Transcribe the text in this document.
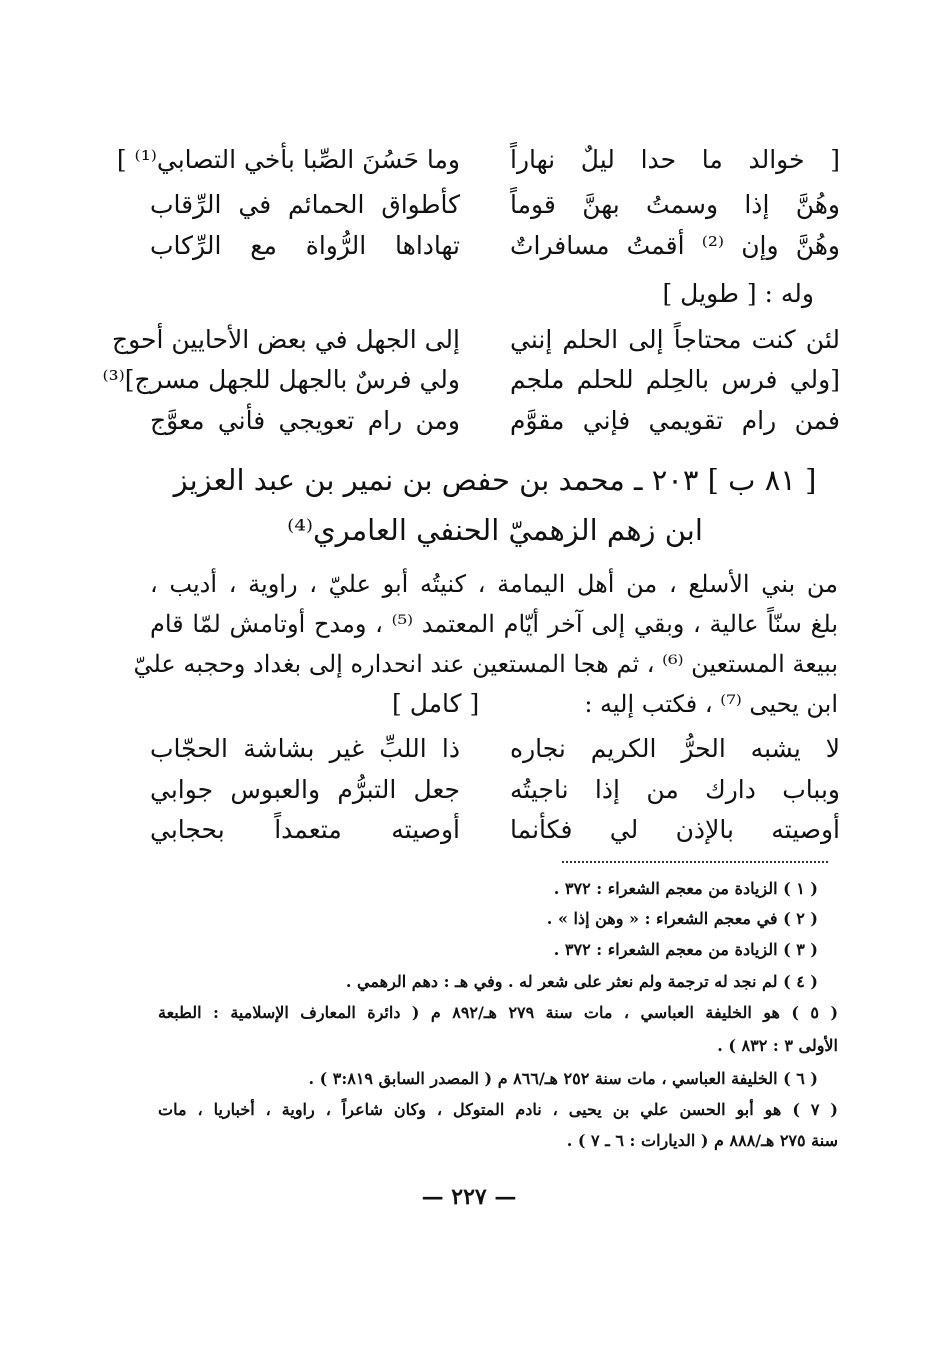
[ خوالد ما حدا ليلٌ نهاراً
وما حَسُنَ الصِّبا بأخي التصابي⁽¹⁾ ]
وهُنَّ إذا وسمتُ بهنَّ قوماً
كأطواق الحمائم في الرِّقاب
وهُنَّ وإن ⁽²⁾ أقمتُ مسافراتٌ
تهاداها الرُّواة مع الرِّكاب
وله : [ طويل ]
لئن كنت محتاجاً إلى الحلم إنني
إلى الجهل في بعض الأحايين أحوج
[ولي فرس بالحِلم للحلم ملجم
ولي فرسٌ بالجهل للجهل مسرج]⁽³⁾
فمن رام تقويمي فإني مقوَّم
ومن رام تعويجي فأني معوَّج
[ ٨١ ب ] ٢٠٣ ـ محمد بن حفص بن نمير بن عبد العزيز
ابن زهم الزهميّ الحنفي العامري⁽⁴⁾
من بني الأسلع ، من أهل اليمامة ، كنيتُه أبو عليّ ، راوية ، أديب ،
بلغ سنّاً عالية ، وبقي إلى آخر أيّام المعتمد ⁽⁵⁾ ، ومدح أوتامش لمّا قام
ببيعة المستعين ⁽⁶⁾ ، ثم هجا المستعين عند انحداره إلى بغداد وحجبه عليّ
ابن يحيى ⁽⁷⁾ ، فكتب إليه :
[ كامل ]
لا يشبه الحرُّ الكريم نجاره
ذا اللبِّ غير بشاشة الحجّاب
وبباب دارك من إذا ناجيتُه
جعل التبرُّم والعبوس جوابي
أوصيته بالإذن لي فكأنما
أوصيته متعمداً بحجابي
( ١ ) الزيادة من معجم الشعراء : ٣٧٢ .
( ٢ ) في معجم الشعراء : « وهن إذا » .
( ٣ ) الزيادة من معجم الشعراء : ٣٧٢ .
( ٤ ) لم نجد له ترجمة ولم نعثر على شعر له . وفي هـ : دهم الرهمي .
( ٥ ) هو الخليفة العباسي ، مات سنة ٢٧٩ هـ/٨٩٢ م ( دائرة المعارف الإسلامية : الطبعة
الأولى ٣ : ٨٣٢ ) .
( ٦ ) الخليفة العباسي ، مات سنة ٢٥٢ هـ/٨٦٦ م ( المصدر السابق ٣:٨١٩ ) .
( ٧ ) هو أبو الحسن علي بن يحيى ، نادم المتوكل ، وكان شاعراً ، راوية ، أخباريا ، مات
سنة ٢٧٥ هـ/٨٨٨ م ( الديارات : ٦ ـ ٧ ) .
— ٢٢٧ —
